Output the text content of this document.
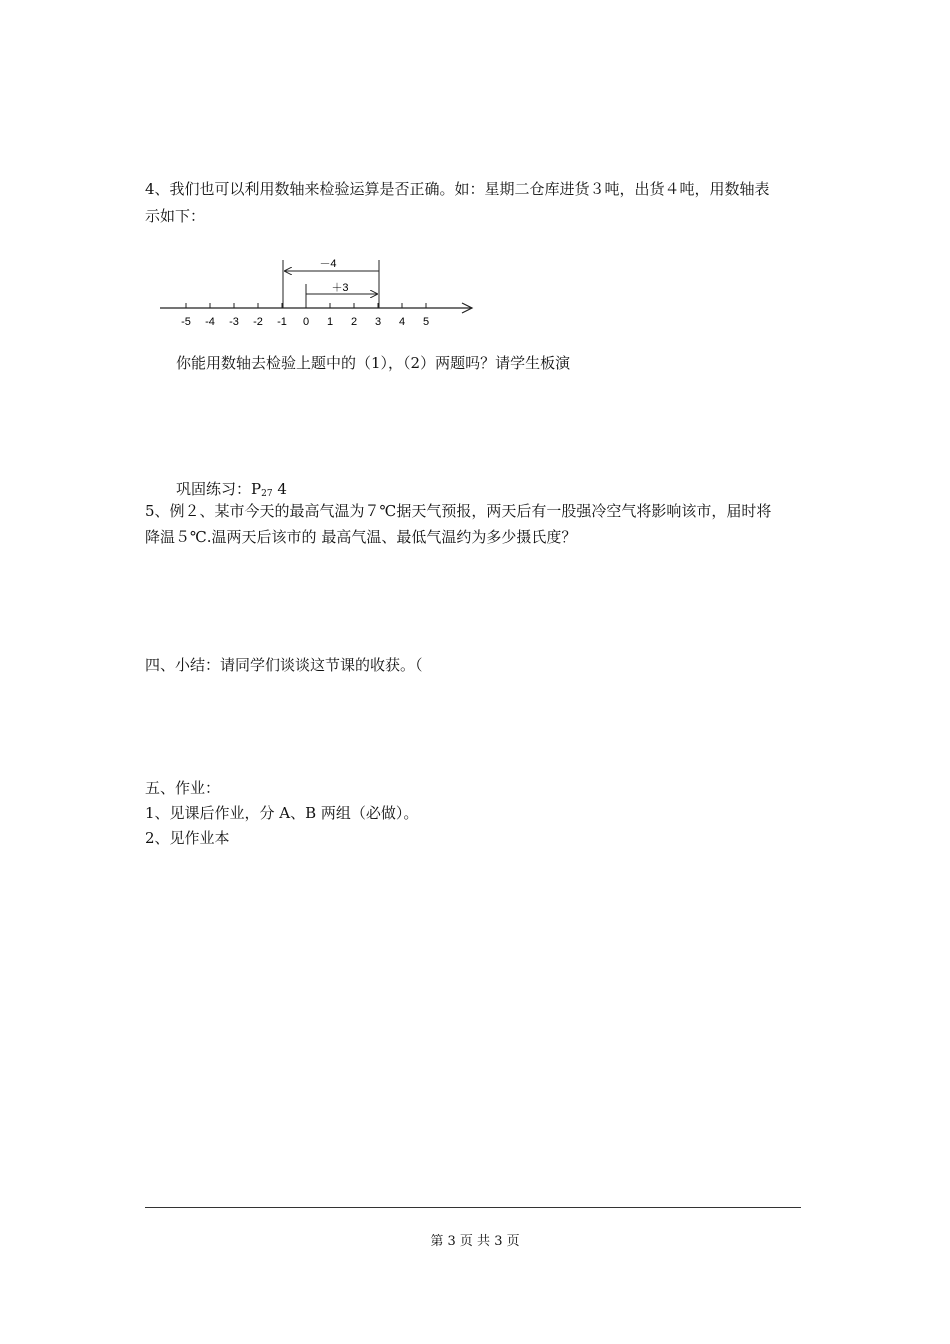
4、我们也可以利用数轴来检验运算是否正确。如：星期二仓库进货３吨，出货４吨，用数轴表
示如下：
-5 -4 -3 -2 -1 0 1 2 3 4 5
－4
＋3
你能用数轴去检验上题中的（1），（2）两题吗？请学生板演
巩固练习：$P_{27}$ 4
5、例２、某市今天的最高气温为７℃据天气预报，两天后有一股强冷空气将影响该市，届时将
降温５℃.温两天后该市的 最高气温、最低气温约为多少摄氏度？
四、小结：请同学们谈谈这节课的收获。（
五、作业：
1、见课后作业，分 A、B 两组（必做）。
2、见作业本
第 3 页 共 3 页
